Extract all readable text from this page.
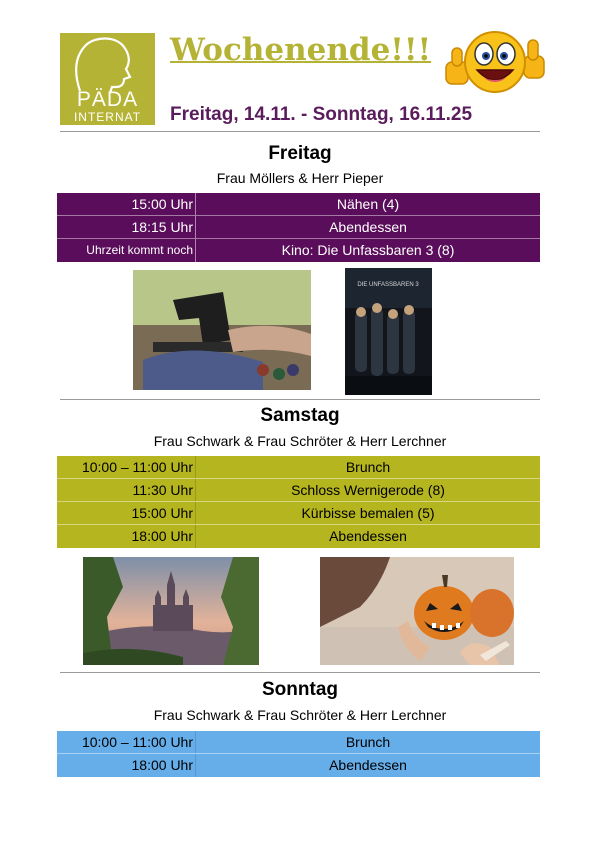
PÄDA
INTERNAT
Wochenende!!!
Freitag, 14.11. - Sonntag, 16.11.25
Freitag
Frau Möllers & Herr Pieper
15:00 Uhr	Nähen (4)
18:15 Uhr	Abendessen
Uhrzeit kommt noch	Kino: Die Unfassbaren 3 (8)
DIE UNFASSBAREN 3
Samstag
Frau Schwark & Frau Schröter & Herr Lerchner
10:00 – 11:00 Uhr	Brunch
11:30 Uhr	Schloss Wernigerode (8)
15:00 Uhr	Kürbisse bemalen (5)
18:00 Uhr	Abendessen
Sonntag
Frau Schwark & Frau Schröter & Herr Lerchner
10:00 – 11:00 Uhr	Brunch
18:00 Uhr	Abendessen
